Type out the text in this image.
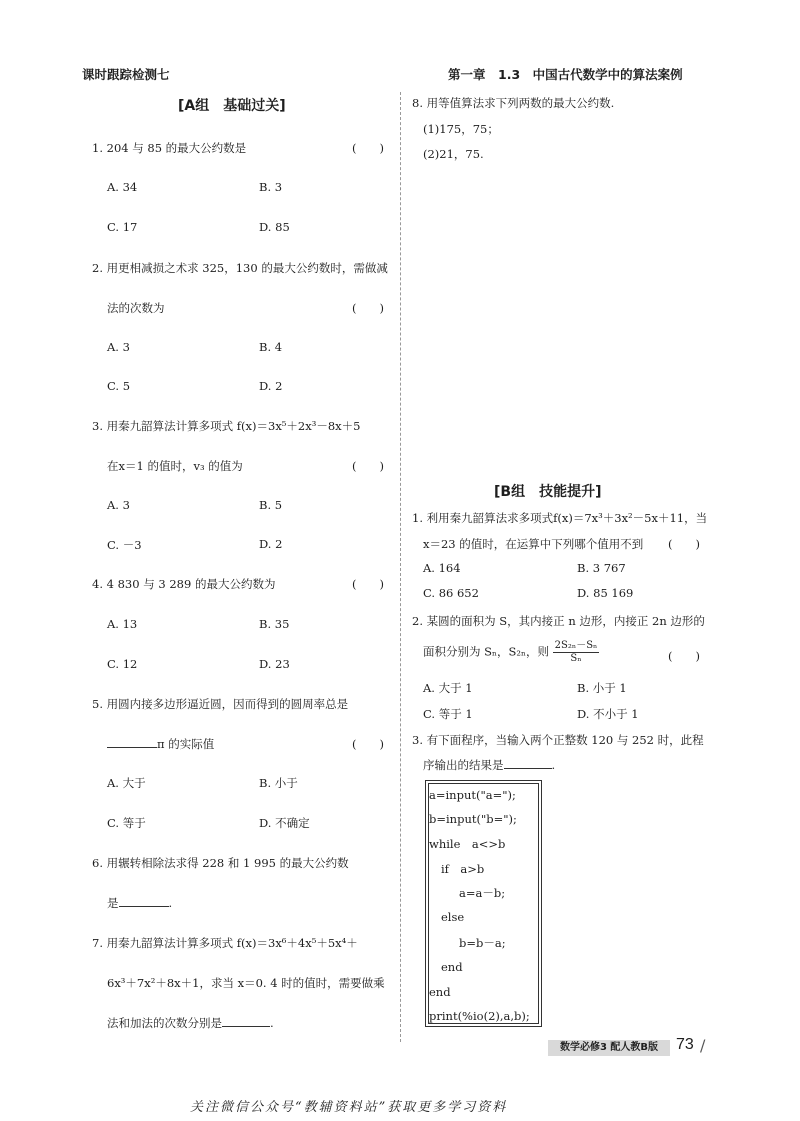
课时跟踪检测七	第一章　1.3　中国古代数学中的算法案例
[A组　基础过关]
1. 204 与 85 的最大公约数是	(　　)
A. 34	B. 3
C. 17	D. 85
2. 用更相减损之术求 325，130 的最大公约数时，需做减
法的次数为	(　　)
A. 3	B. 4
C. 5	D. 2
3. 用秦九韶算法计算多项式 f(x)＝3x⁵＋2x³－8x＋5
在x＝1 的值时，v₃ 的值为	(　　)
A. 3	B. 5
C. －3	D. 2
4. 4 830 与 3 289 的最大公约数为	(　　)
A. 13	B. 35
C. 12	D. 23
5. 用圆内接多边形逼近圆，因而得到的圆周率总是
π 的实际值	(　　)
A. 大于	B. 小于
C. 等于	D. 不确定
6. 用辗转相除法求得 228 和 1 995 的最大公约数
是	.
7. 用秦九韶算法计算多项式 f(x)＝3x⁶＋4x⁵＋5x⁴＋
6x³＋7x²＋8x＋1，求当 x＝0. 4 时的值时，需要做乘
法和加法的次数分别是	.
8. 用等值算法求下列两数的最大公约数.
(1)175，75；
(2)21，75.
[B组　技能提升]
1. 利用秦九韶算法求多项式f(x)＝7x³＋3x²－5x＋11，当
x＝23 的值时，在运算中下列哪个值用不到 (　　)
A. 164	B. 3 767
C. 86 652	D. 85 169
2. 某圆的面积为 S，其内接正 n 边形，内接正 2n 边形的
面积分别为 Sₙ，S₂ₙ，则 $\frac{\text{2S₂ₙ－Sₙ}}{\text{Sₙ}}$	(　　)
A. 大于 1	B. 小于 1
C. 等于 1	D. 不小于 1
3. 有下面程序，当输入两个正整数 120 与 252 时，此程
序输出的结果是	.
a=input("a=");
b=input("b=");
while　a<>b
if　a>b
a=a－b;
else
b=b－a;
end
end
print(%io(2),a,b);
数学必修3 配人教B版	73 /
关注微信公众号“教辅资料站”获取更多学习资料
